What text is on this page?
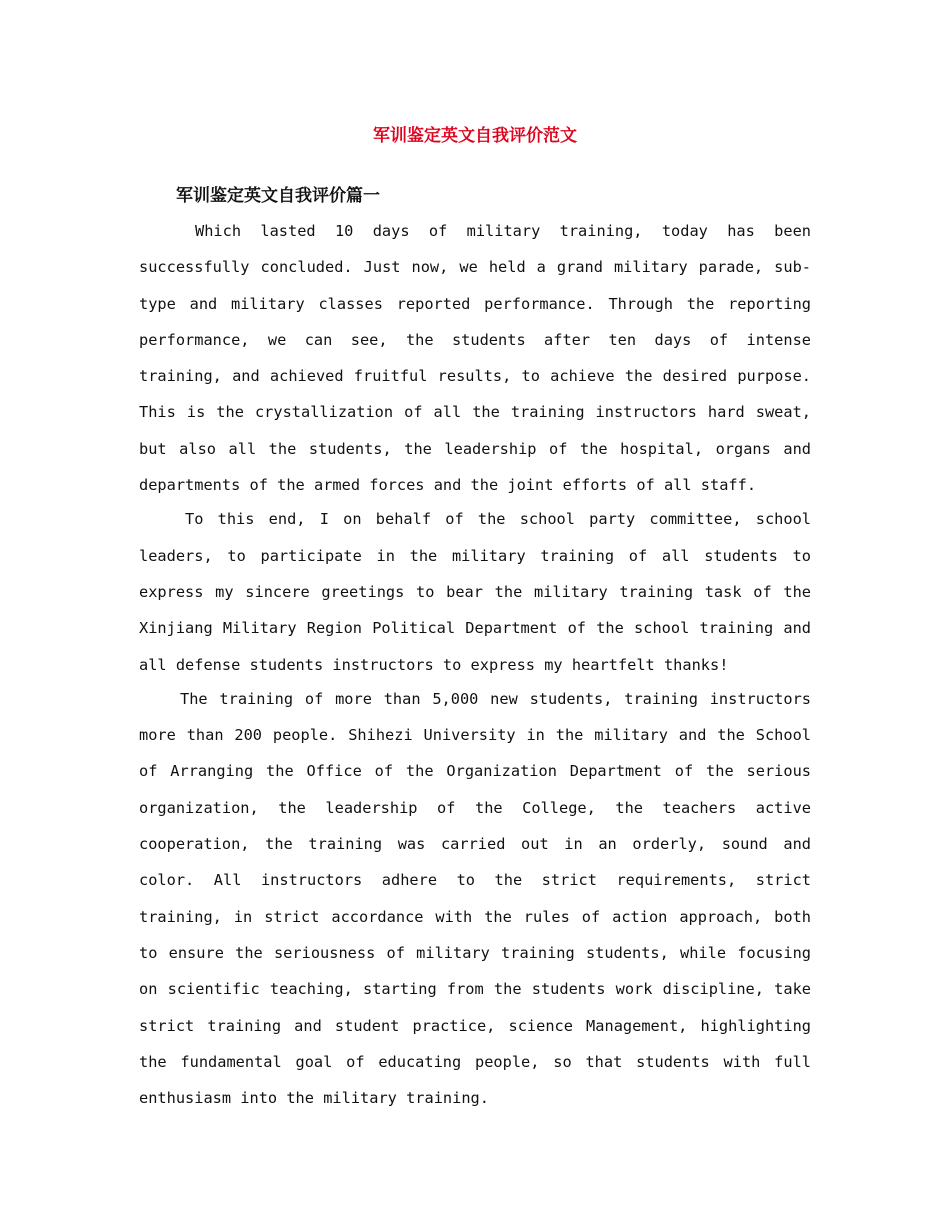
军训鉴定英文自我评价范文
军训鉴定英文自我评价篇一

Which lasted 10 days of military training, today has been successfully concluded. Just now, we held a grand military parade, sub-type and military classes reported performance. Through the reporting performance, we can see, the students after ten days of intense training, and achieved fruitful results, to achieve the desired purpose. This is the crystallization of all the training instructors hard sweat, but also all the students, the leadership of the hospital, organs and departments of the armed forces and the joint efforts of all staff.

To this end, I on behalf of the school party committee, school leaders, to participate in the military training of all students to express my sincere greetings to bear the military training task of the Xinjiang Military Region Political Department of the school training and all defense students instructors to express my heartfelt thanks!

The training of more than 5,000 new students, training instructors more than 200 people. Shihezi University in the military and the School of Arranging the Office of the Organization Department of the serious organization, the leadership of the College, the teachers active cooperation, the training was carried out in an orderly, sound and color. All instructors adhere to the strict requirements, strict training, in strict accordance with the rules of action approach, both to ensure the seriousness of military training students, while focusing on scientific teaching, starting from the students work discipline, take strict training and student practice, science Management, highlighting the fundamental goal of educating people, so that students with full enthusiasm into the military training.
